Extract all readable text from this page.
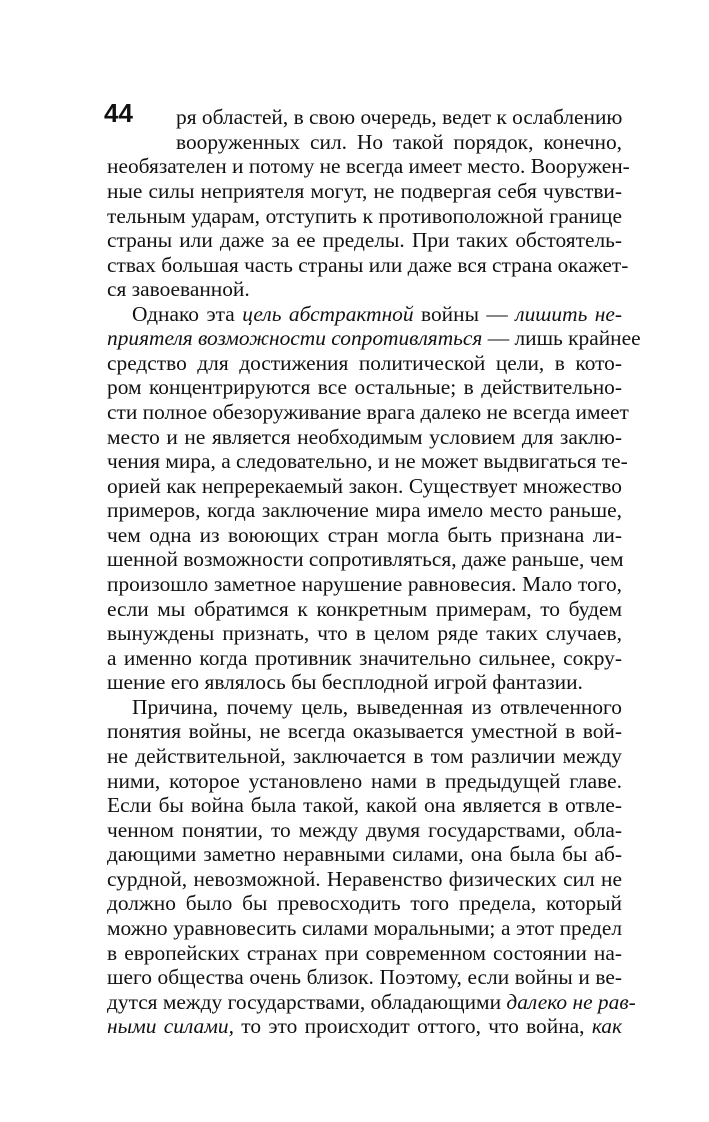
44 ря областей, в свою очередь, ведет к ослаблению
вооруженных сил. Но такой порядок, конечно,
необязателен и потому не всегда имеет место. Вооружен-
ные силы неприятеля могут, не подвергая себя чувстви-
тельным ударам, отступить к противоположной границе
страны или даже за ее пределы. При таких обстоятель-
ствах большая часть страны или даже вся страна окажет-
ся завоеванной.
Однако эта цель абстрактной войны — лишить не-
приятеля возможности сопротивляться — лишь крайнее
средство для достижения политической цели, в кото-
ром концентрируются все остальные; в действительно-
сти полное обезоруживание врага далеко не всегда имеет
место и не является необходимым условием для заклю-
чения мира, а следовательно, и не может выдвигаться те-
орией как непререкаемый закон. Существует множество
примеров, когда заключение мира имело место раньше,
чем одна из воюющих стран могла быть признана ли-
шенной возможности сопротивляться, даже раньше, чем
произошло заметное нарушение равновесия. Мало того,
если мы обратимся к конкретным примерам, то будем
вынуждены признать, что в целом ряде таких случаев,
а именно когда противник значительно сильнее, сокру-
шение его являлось бы бесплодной игрой фантазии.
Причина, почему цель, выведенная из отвлеченного
понятия войны, не всегда оказывается уместной в вой-
не действительной, заключается в том различии между
ними, которое установлено нами в предыдущей главе.
Если бы война была такой, какой она является в отвле-
ченном понятии, то между двумя государствами, обла-
дающими заметно неравными силами, она была бы аб-
сурдной, невозможной. Неравенство физических сил не
должно было бы превосходить того предела, который
можно уравновесить силами моральными; а этот предел
в европейских странах при современном состоянии на-
шего общества очень близок. Поэтому, если войны и ве-
дутся между государствами, обладающими далеко не рав-
ными силами, то это происходит оттого, что война, как
